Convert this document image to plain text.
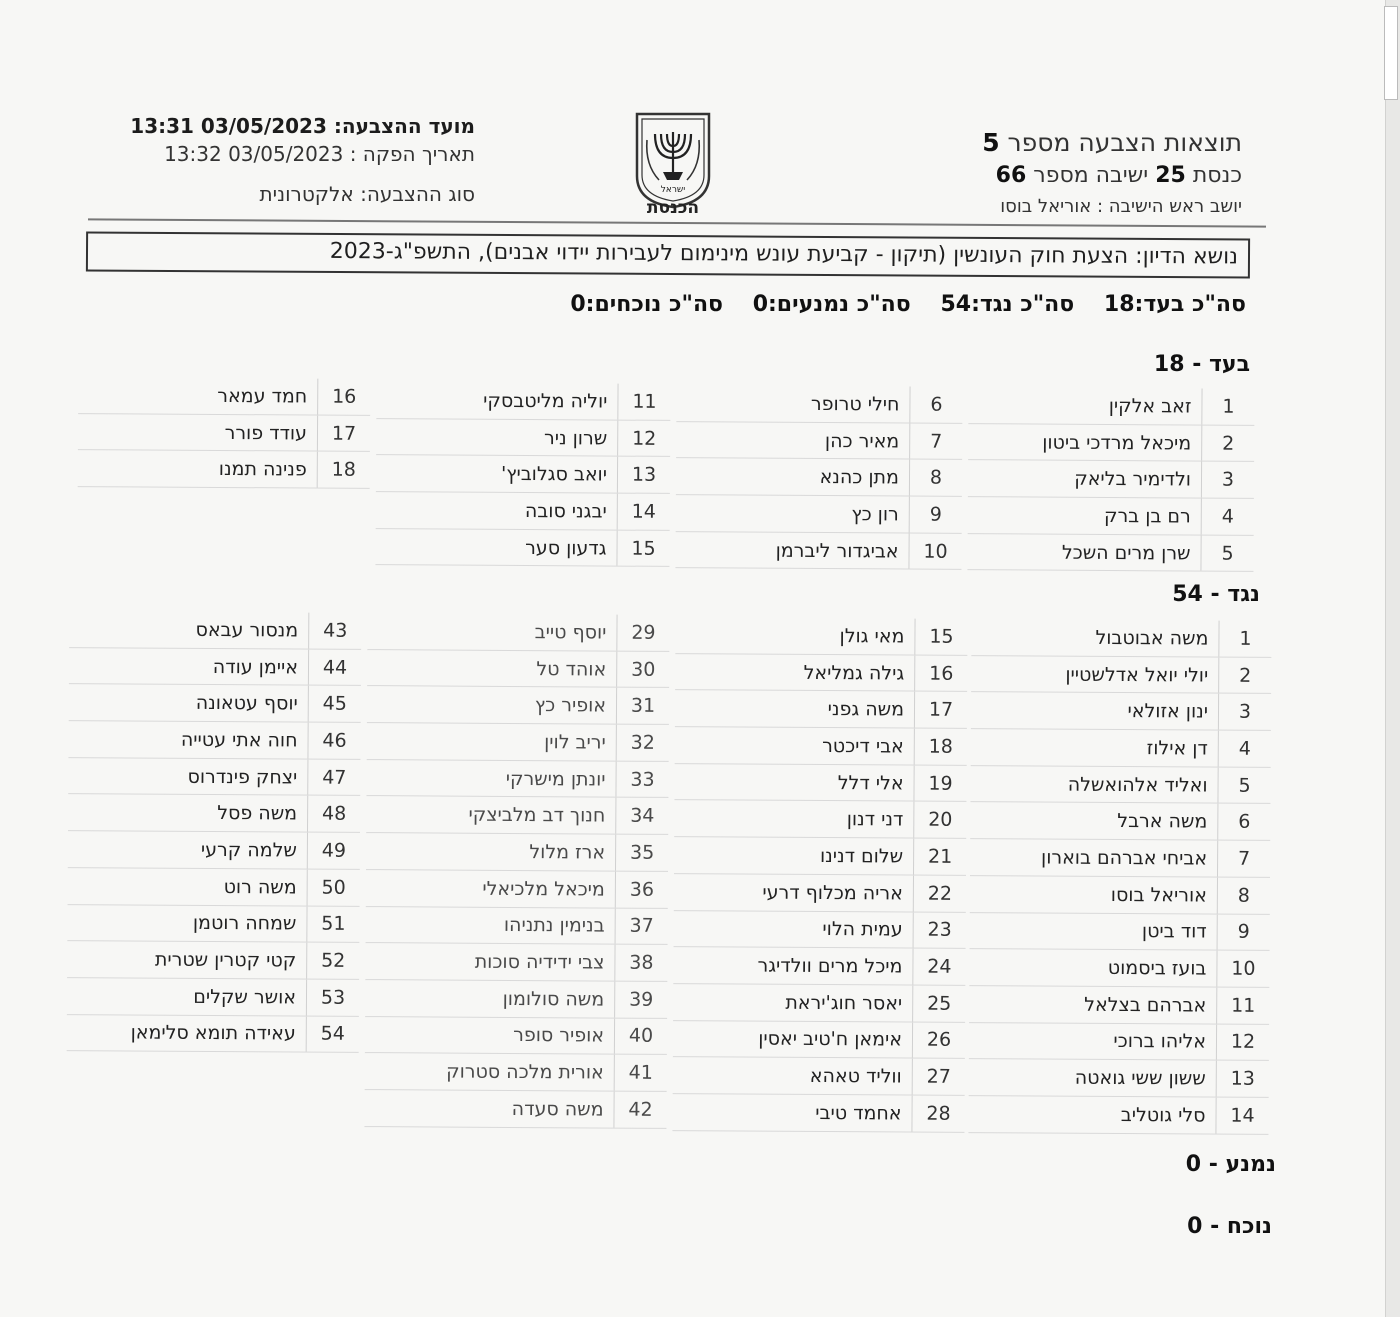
תוצאות הצבעה מספר 5
כנסת 25 ישיבה מספר 66
יושב ראש הישיבה : אוריאל בוסו
מועד ההצבעה: 03/05/2023 13:31
תאריך הפקה : 03/05/2023 13:32
סוג ההצבעה: אלקטרונית	ישראל
הכנסת
נושא הדיון: הצעת חוק העונשין (תיקון - קביעת עונש מינימום לעבירות יידוי אבנים), התשפ"ג-2023
סה"כ בעד:18 סה"כ נגד:54 סה"כ נמנעים:0 סה"כ נוכחים:0
בעד - 18
1
זאב אלקין
2
מיכאל מרדכי ביטון
3
ולדימיר בליאק
4
רם בן ברק
5
שרן מרים השכל
6
חילי טרופר
7
מאיר כהן
8
מתן כהנא
9
רון כץ
10
אביגדור ליברמן
11
יוליה מליטבסקי
12
שרון ניר
13
יואב סגלוביץ'
14
יבגני סובה
15
גדעון סער
16
חמד עמאר
17
עודד פורר
18
פנינה תמנו
נגד - 54
1
משה אבוטבול
2
יולי יואל אדלשטיין
3
ינון אזולאי
4
דן אילוז
5
ואליד אלהואשלה
6
משה ארבל
7
אביחי אברהם בוארון
8
אוריאל בוסו
9
דוד ביטן
10
בועז ביסמוט
11
אברהם בצלאל
12
אליהו ברוכי
13
ששון ששי גואטה
14
סלי גוטליב
15
מאי גולן
16
גילה גמליאל
17
משה גפני
18
אבי דיכטר
19
אלי דלל
20
דני דנון
21
שלום דנינו
22
אריה מכלוף דרעי
23
עמית הלוי
24
מיכל מרים וולדיגר
25
יאסר חוג'יראת
26
אימאן ח'טיב יאסין
27
ווליד טאהא
28
אחמד טיבי
29
יוסף טייב
30
אוהד טל
31
אופיר כץ
32
יריב לוין
33
יונתן מישרקי
34
חנוך דב מלביצקי
35
ארז מלול
36
מיכאל מלכיאלי
37
בנימין נתניהו
38
צבי ידידיה סוכות
39
משה סולומון
40
אופיר סופר
41
אורית מלכה סטרוק
42
משה סעדה
43
מנסור עבאס
44
איימן עודה
45
יוסף עטאונה
46
חוה אתי עטייה
47
יצחק פינדרוס
48
משה פסל
49
שלמה קרעי
50
משה רוט
51
שמחה רוטמן
52
קטי קטרין שטרית
53
אושר שקלים
54
עאידה תומא סלימאן
נמנע - 0
נוכח - 0
